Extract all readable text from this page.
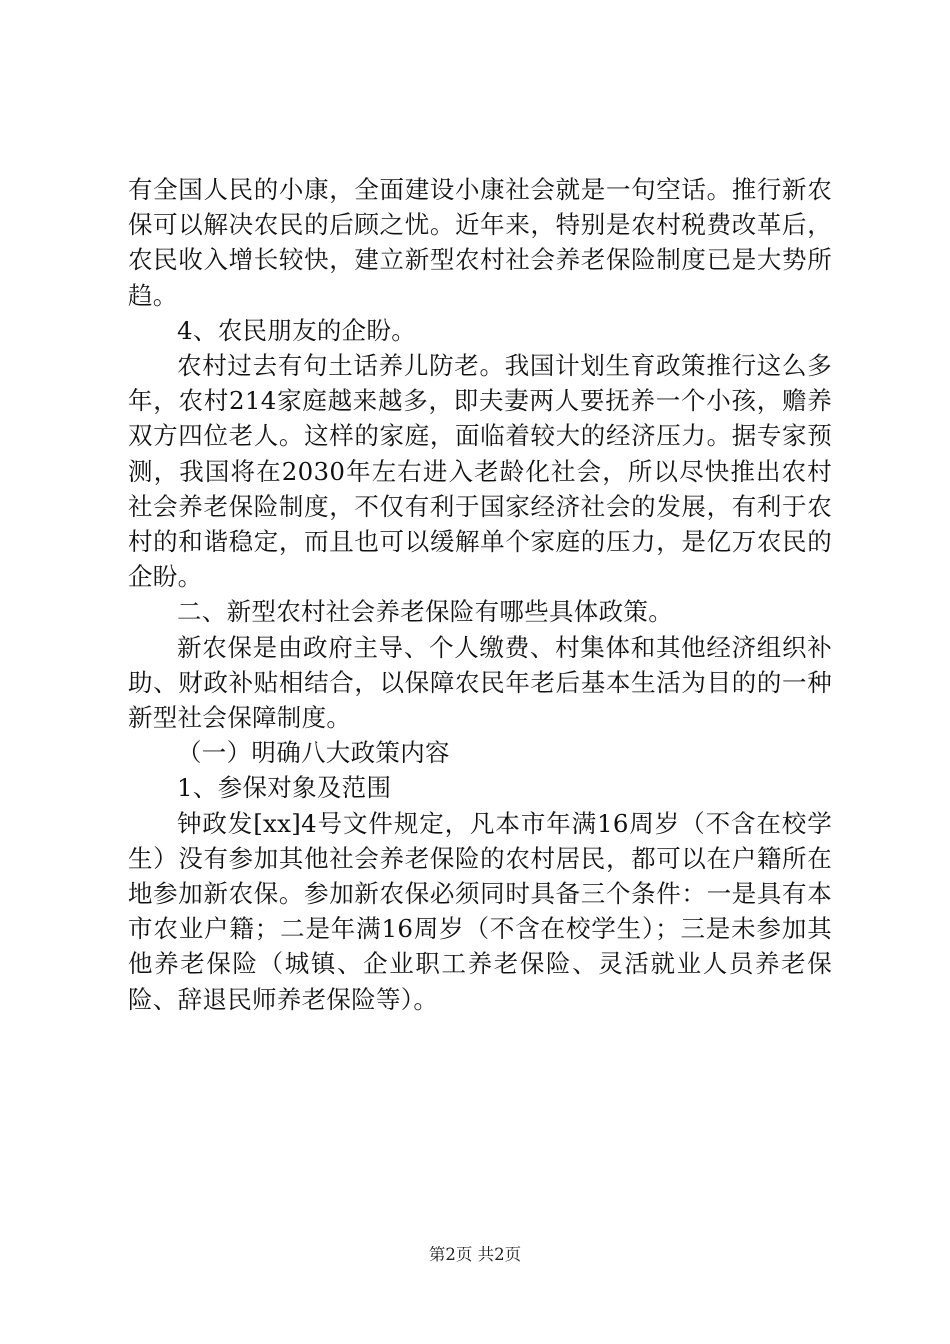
有全国人民的小康，全面建设小康社会就是一句空话。推行新农保可以解决农民的后顾之忧。近年来，特别是农村税费改革后，农民收入增长较快，建立新型农村社会养老保险制度已是大势所趋。

4、农民朋友的企盼。

农村过去有句土话养儿防老。我国计划生育政策推行这么多年，农村214家庭越来越多，即夫妻两人要抚养一个小孩，赡养双方四位老人。这样的家庭，面临着较大的经济压力。据专家预测，我国将在2030年左右进入老龄化社会，所以尽快推出农村社会养老保险制度，不仅有利于国家经济社会的发展，有利于农村的和谐稳定，而且也可以缓解单个家庭的压力，是亿万农民的企盼。

二、新型农村社会养老保险有哪些具体政策。

新农保是由政府主导、个人缴费、村集体和其他经济组织补助、财政补贴相结合，以保障农民年老后基本生活为目的的一种新型社会保障制度。

（一）明确八大政策内容

1、参保对象及范围

钟政发[xx]4号文件规定，凡本市年满16周岁（不含在校学生）没有参加其他社会养老保险的农村居民，都可以在户籍所在地参加新农保。参加新农保必须同时具备三个条件：一是具有本市农业户籍；二是年满16周岁（不含在校学生）；三是未参加其他养老保险（城镇、企业职工养老保险、灵活就业人员养老保险、辞退民师养老保险等）。

第2页 共2页
